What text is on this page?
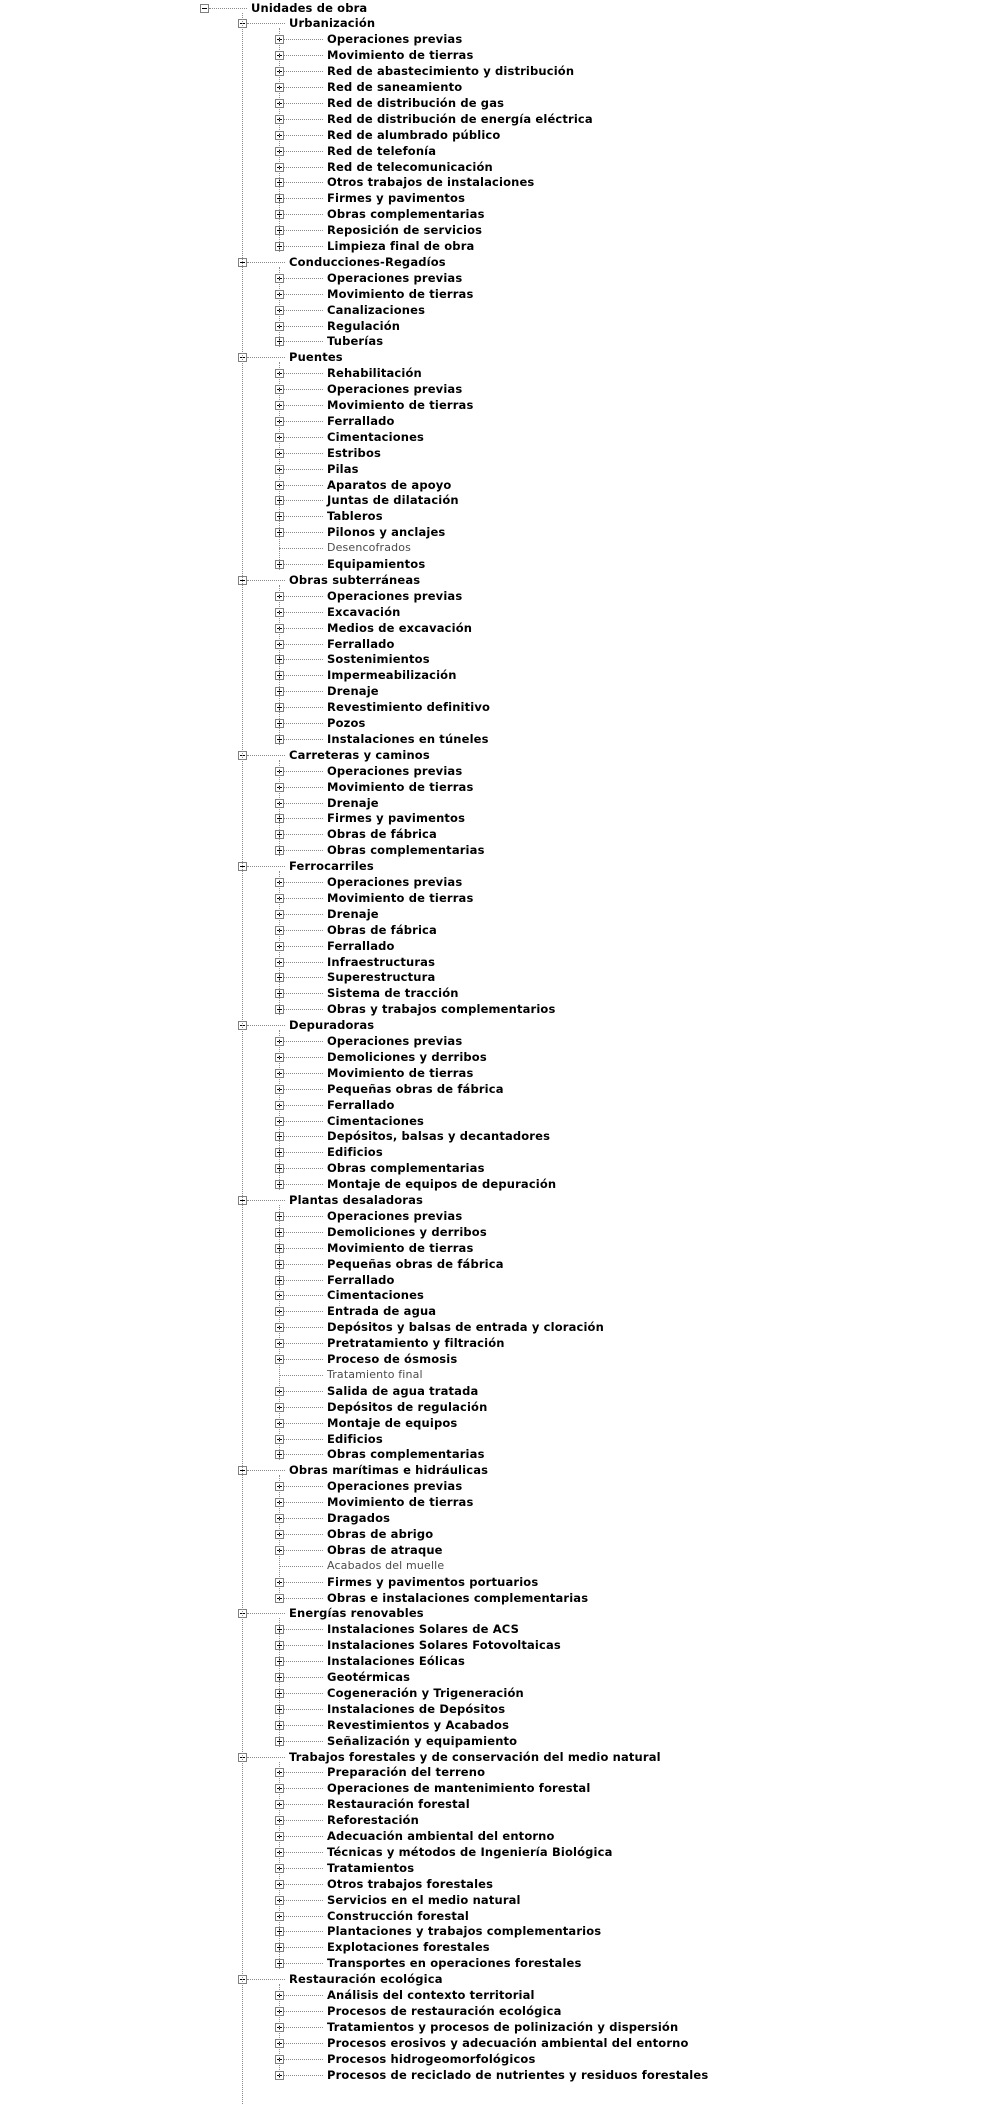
Unidades de obra
Urbanización
Operaciones previas
Movimiento de tierras
Red de abastecimiento y distribución
Red de saneamiento
Red de distribución de gas
Red de distribución de energía eléctrica
Red de alumbrado público
Red de telefonía
Red de telecomunicación
Otros trabajos de instalaciones
Firmes y pavimentos
Obras complementarias
Reposición de servicios
Limpieza final de obra
Conducciones-Regadíos
Operaciones previas
Movimiento de tierras
Canalizaciones
Regulación
Tuberías
Puentes
Rehabilitación
Operaciones previas
Movimiento de tierras
Ferrallado
Cimentaciones
Estribos
Pilas
Aparatos de apoyo
Juntas de dilatación
Tableros
Pilonos y anclajes
Desencofrados
Equipamientos
Obras subterráneas
Operaciones previas
Excavación
Medios de excavación
Ferrallado
Sostenimientos
Impermeabilización
Drenaje
Revestimiento definitivo
Pozos
Instalaciones en túneles
Carreteras y caminos
Operaciones previas
Movimiento de tierras
Drenaje
Firmes y pavimentos
Obras de fábrica
Obras complementarias
Ferrocarriles
Operaciones previas
Movimiento de tierras
Drenaje
Obras de fábrica
Ferrallado
Infraestructuras
Superestructura
Sistema de tracción
Obras y trabajos complementarios
Depuradoras
Operaciones previas
Demoliciones y derribos
Movimiento de tierras
Pequeñas obras de fábrica
Ferrallado
Cimentaciones
Depósitos, balsas y decantadores
Edificios
Obras complementarias
Montaje de equipos de depuración
Plantas desaladoras
Operaciones previas
Demoliciones y derribos
Movimiento de tierras
Pequeñas obras de fábrica
Ferrallado
Cimentaciones
Entrada de agua
Depósitos y balsas de entrada y cloración
Pretratamiento y filtración
Proceso de ósmosis
Tratamiento final
Salida de agua tratada
Depósitos de regulación
Montaje de equipos
Edificios
Obras complementarias
Obras marítimas e hidráulicas
Operaciones previas
Movimiento de tierras
Dragados
Obras de abrigo
Obras de atraque
Acabados del muelle
Firmes y pavimentos portuarios
Obras e instalaciones complementarias
Energías renovables
Instalaciones Solares de ACS
Instalaciones Solares Fotovoltaicas
Instalaciones Eólicas
Geotérmicas
Cogeneración y Trigeneración
Instalaciones de Depósitos
Revestimientos y Acabados
Señalización y equipamiento
Trabajos forestales y de conservación del medio natural
Preparación del terreno
Operaciones de mantenimiento forestal
Restauración forestal
Reforestación
Adecuación ambiental del entorno
Técnicas y métodos de Ingeniería Biológica
Tratamientos
Otros trabajos forestales
Servicios en el medio natural
Construcción forestal
Plantaciones y trabajos complementarios
Explotaciones forestales
Transportes en operaciones forestales
Restauración ecológica
Análisis del contexto territorial
Procesos de restauración ecológica
Tratamientos y procesos de polinización y dispersión
Procesos erosivos y adecuación ambiental del entorno
Procesos hidrogeomorfológicos
Procesos de reciclado de nutrientes y residuos forestales
